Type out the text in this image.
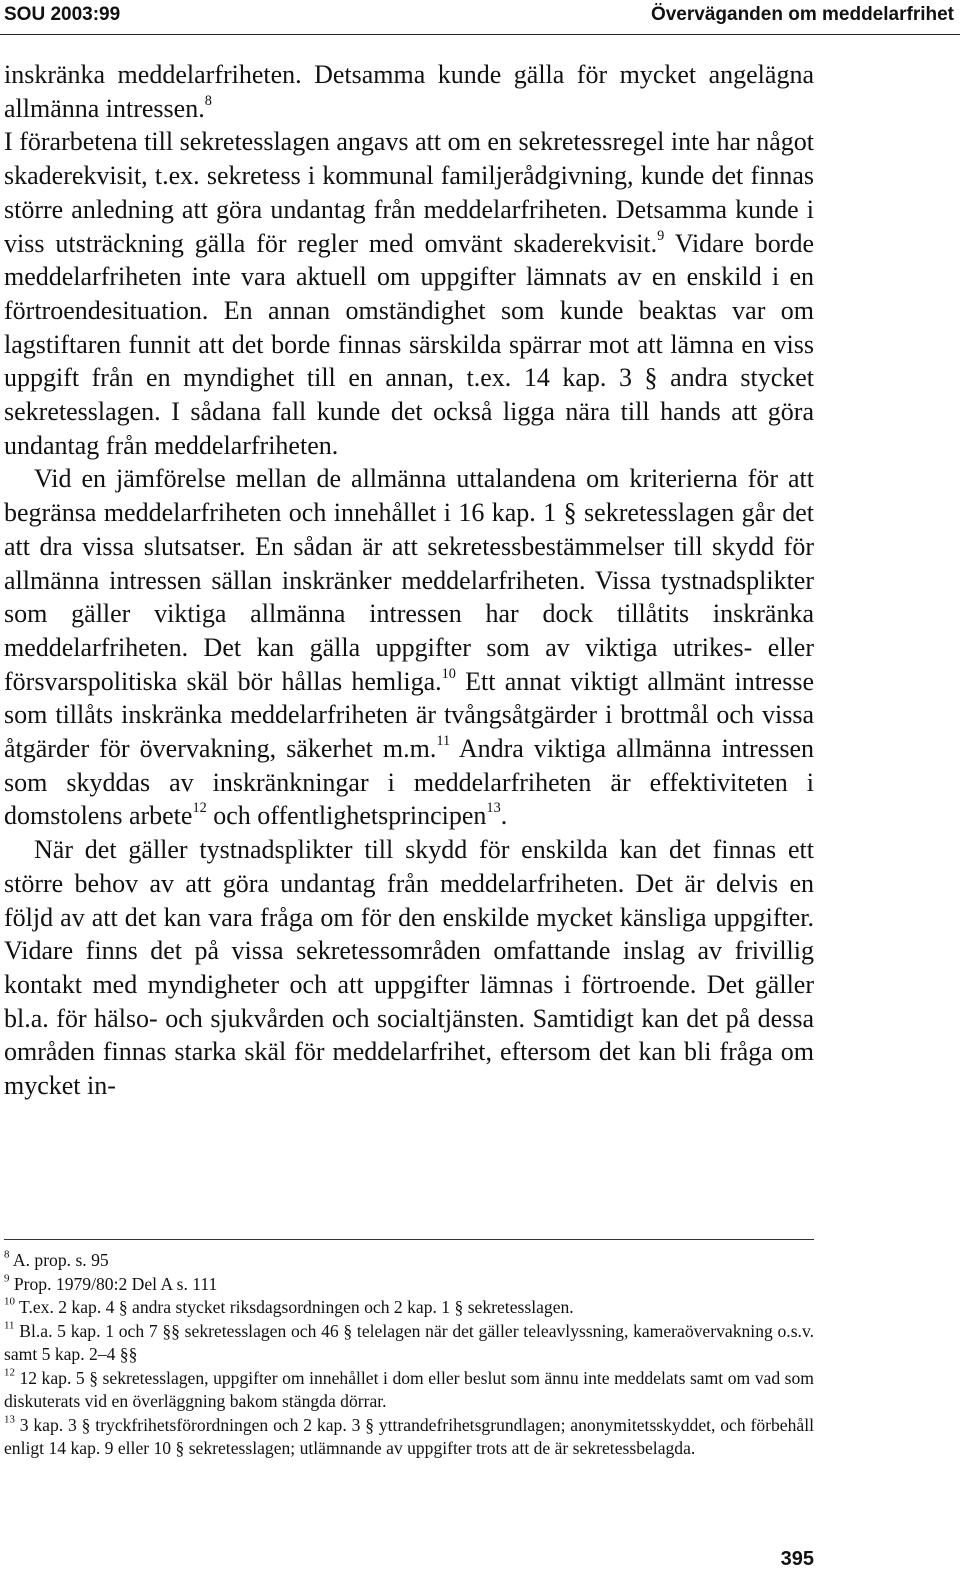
SOU 2003:99	Överväganden om meddelarfrihet

inskränka meddelarfriheten. Detsamma kunde gälla för mycket angelägna allmänna intressen.$^8$

I förarbetena till sekretesslagen angavs att om en sekretessregel inte har något skaderekvisit, t.ex. sekretess i kommunal familjerådgivning, kunde det finnas större anledning att göra undantag från meddelarfriheten. Detsamma kunde i viss utsträckning gälla för regler med omvänt skaderekvisit.$^9$ Vidare borde meddelarfriheten inte vara aktuell om uppgifter lämnats av en enskild i en förtroendesituation. En annan omständighet som kunde beaktas var om lagstiftaren funnit att det borde finnas särskilda spärrar mot att lämna en viss uppgift från en myndighet till en annan, t.ex. 14 kap. 3 § andra stycket sekretesslagen. I sådana fall kunde det också ligga nära till hands att göra undantag från meddelarfriheten.

Vid en jämförelse mellan de allmänna uttalandena om kriterierna för att begränsa meddelarfriheten och innehållet i 16 kap. 1 § sekretesslagen går det att dra vissa slutsatser. En sådan är att sekretessbestämmelser till skydd för allmänna intressen sällan inskränker meddelarfriheten. Vissa tystnadsplikter som gäller viktiga allmänna intressen har dock tillåtits inskränka meddelarfriheten. Det kan gälla uppgifter som av viktiga utrikes- eller försvarspolitiska skäl bör hållas hemliga.$^{10}$ Ett annat viktigt allmänt intresse som tillåts inskränka meddelarfriheten är tvångsåtgärder i brottmål och vissa åtgärder för övervakning, säkerhet m.m.$^{11}$ Andra viktiga allmänna intressen som skyddas av inskränkningar i meddelarfriheten är effektiviteten i domstolens arbete$^{12}$ och offentlighetsprincipen$^{13}$.

När det gäller tystnadsplikter till skydd för enskilda kan det finnas ett större behov av att göra undantag från meddelarfriheten. Det är delvis en följd av att det kan vara fråga om för den enskilde mycket känsliga uppgifter. Vidare finns det på vissa sekretessområden omfattande inslag av frivillig kontakt med myndigheter och att uppgifter lämnas i förtroende. Det gäller bl.a. för hälso- och sjukvården och socialtjänsten. Samtidigt kan det på dessa områden finnas starka skäl för meddelarfrihet, eftersom det kan bli fråga om mycket in-

$^8$ A. prop. s. 95

$^9$ Prop. 1979/80:2 Del A s. 111

$^{10}$ T.ex. 2 kap. 4 § andra stycket riksdagsordningen och 2 kap. 1 § sekretesslagen.

$^{11}$ Bl.a. 5 kap. 1 och 7 §§ sekretesslagen och 46 § telelagen när det gäller teleavlyssning, kameraövervakning o.s.v. samt 5 kap. 2–4 §§

$^{12}$ 12 kap. 5 § sekretesslagen, uppgifter om innehållet i dom eller beslut som ännu inte meddelats samt om vad som diskuterats vid en överläggning bakom stängda dörrar.

$^{13}$ 3 kap. 3 § tryckfrihetsförordningen och 2 kap. 3 § yttrandefrihetsgrundlagen; anonymitetsskyddet, och förbehåll enligt 14 kap. 9 eller 10 § sekretesslagen; utlämnande av uppgifter trots att de är sekretessbelagda.

395
